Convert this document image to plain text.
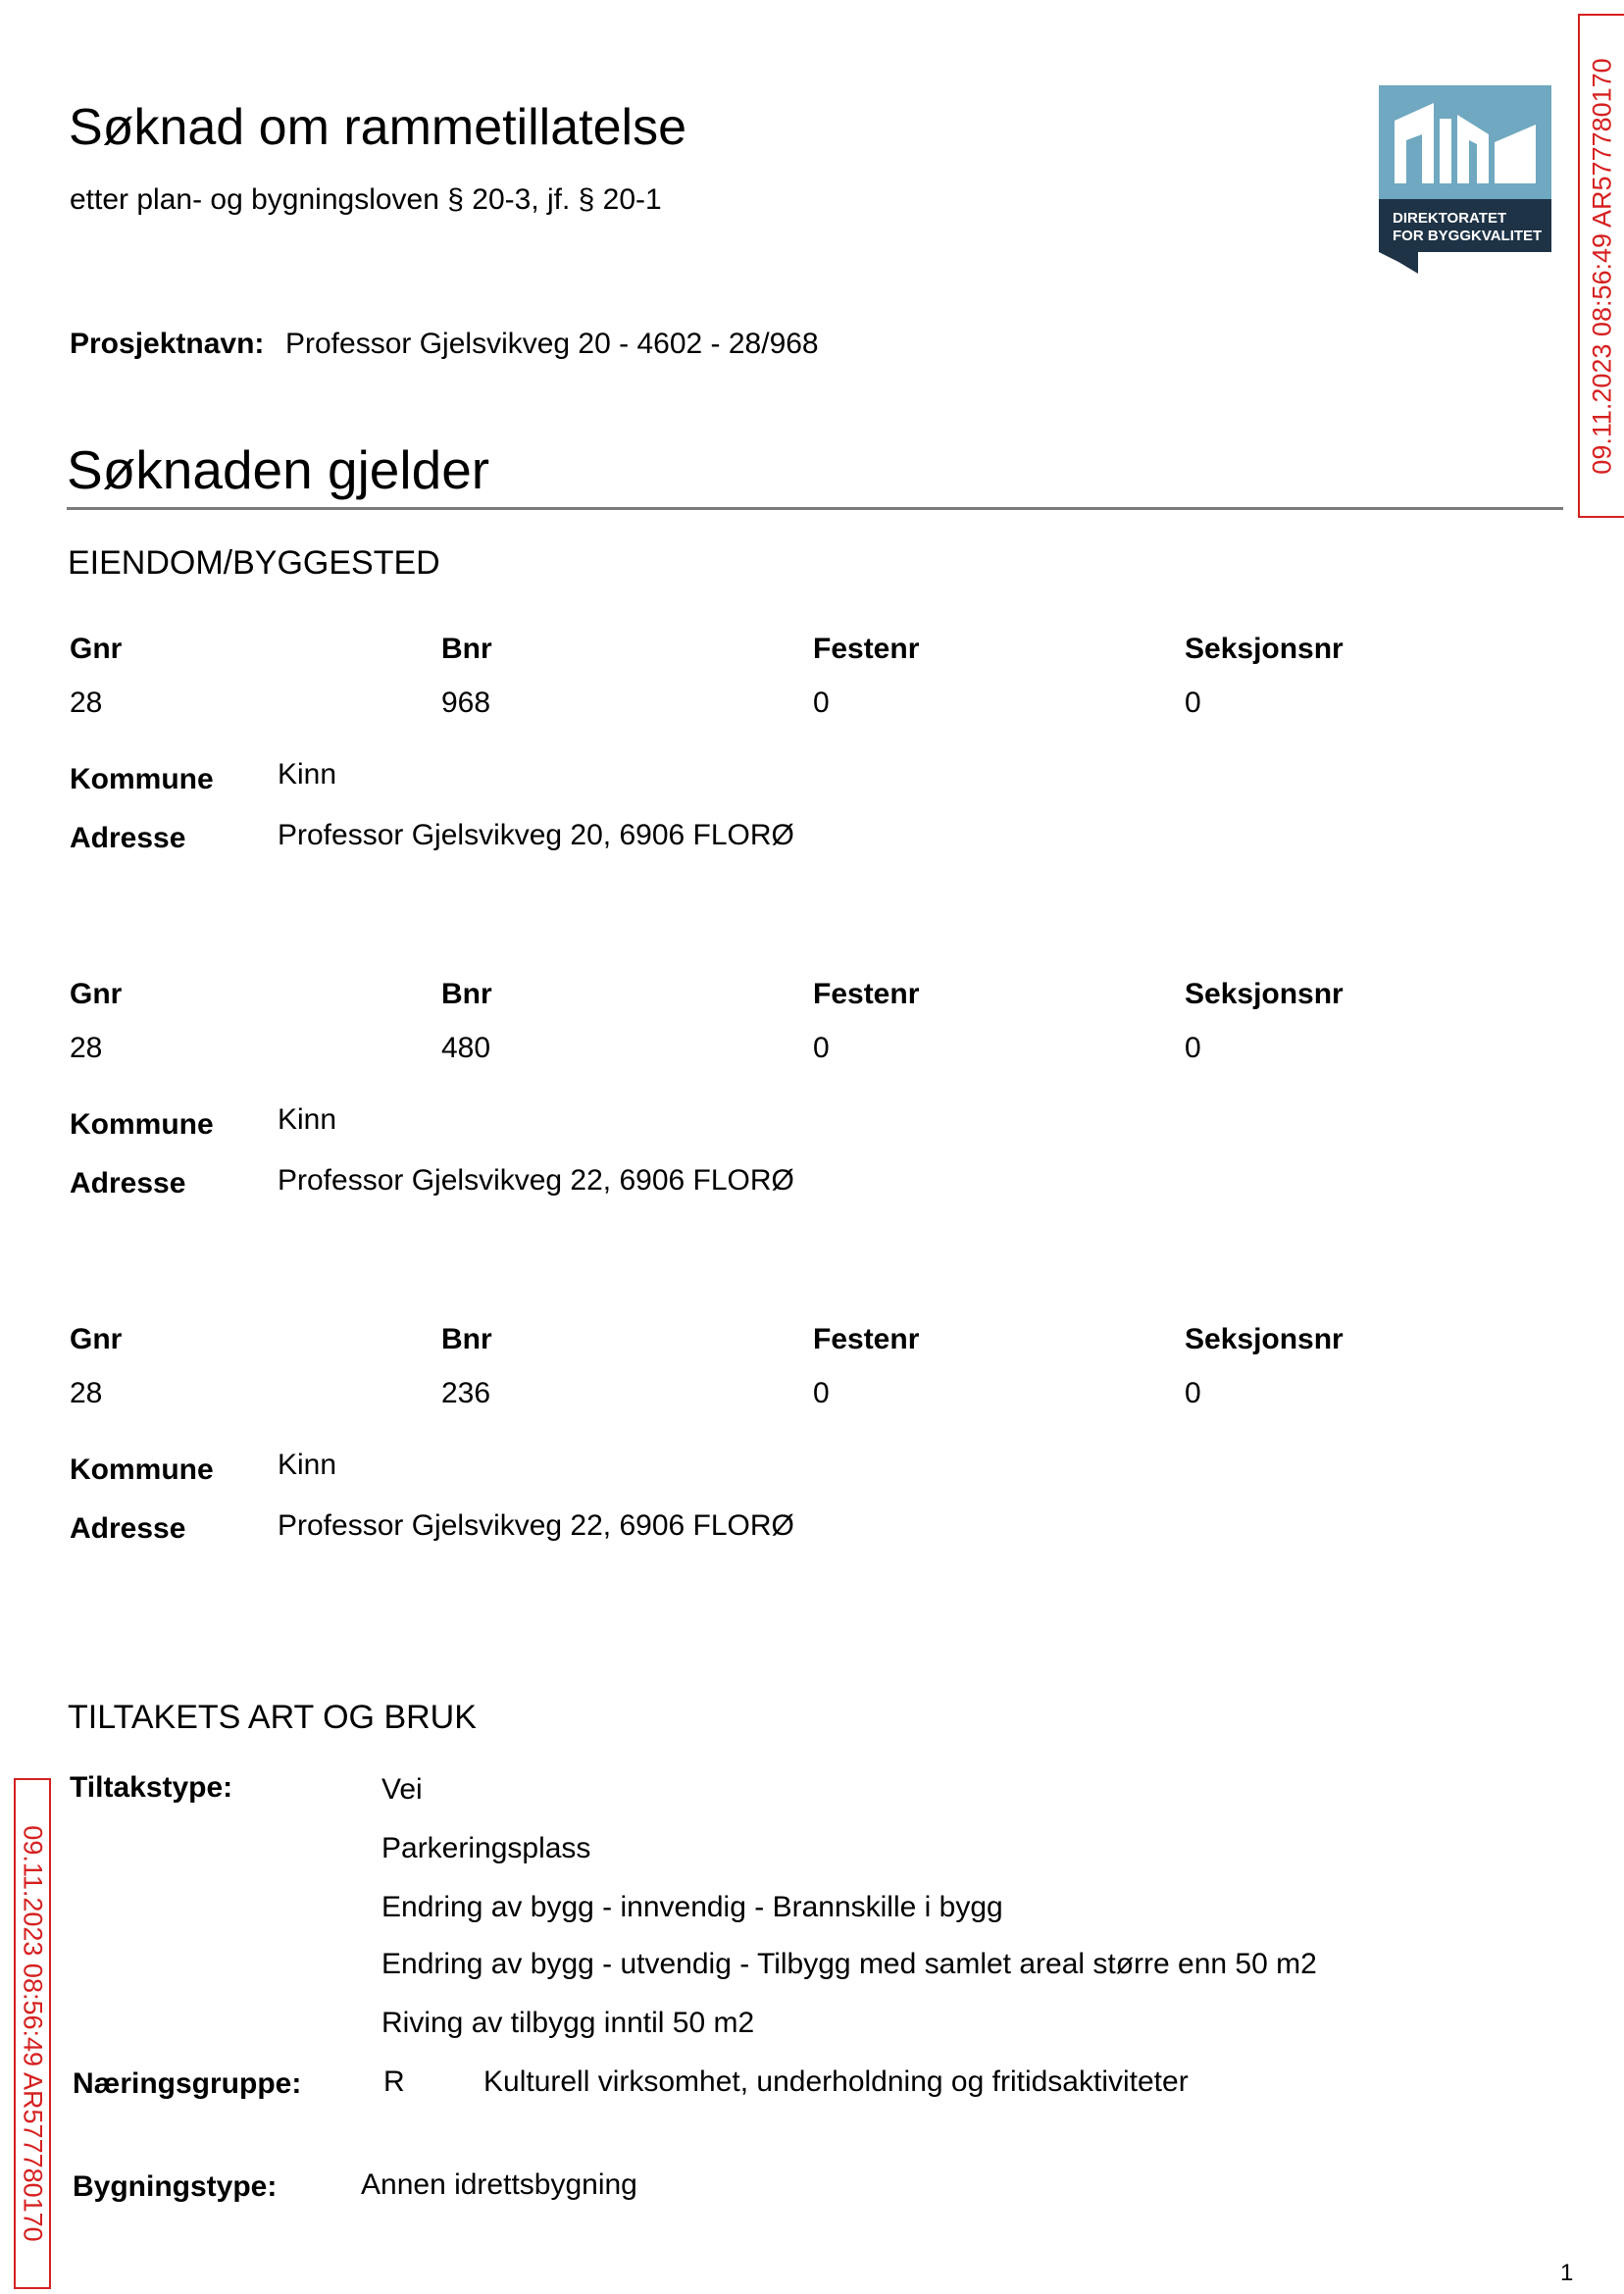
Søknad om rammetillatelse
etter plan- og bygningsloven § 20-3, jf. § 20-1
DIREKTORATET
FOR BYGGKVALITET 09.11.2023 08:56:49 AR577780170
09.11.2023 08:56:49 AR577780170
Prosjektnavn: Professor Gjelsvikveg 20 - 4602 - 28/968
Søknaden gjelder
EIENDOM/BYGGESTED
Gnr	Bnr	Festenr	Seksjonsnr
28	968	0	0
Kommune Kinn
Adresse	Professor Gjelsvikveg 20, 6906 FLORØ
Gnr	Bnr	Festenr	Seksjonsnr
28	480	0	0
Kommune Kinn
Adresse	Professor Gjelsvikveg 22, 6906 FLORØ
Gnr	Bnr	Festenr	Seksjonsnr
28	236	0	0
Kommune Kinn
Adresse	Professor Gjelsvikveg 22, 6906 FLORØ
TILTAKETS ART OG BRUK
Tiltakstype:	Vei
Parkeringsplass
Endring av bygg - innvendig - Brannskille i bygg
Endring av bygg - utvendig - Tilbygg med samlet areal større enn 50 m2
Riving av tilbygg inntil 50 m2
Næringsgruppe:	R	Kulturell virksomhet, underholdning og fritidsaktiviteter
Bygningstype:	Annen idrettsbygning
1
